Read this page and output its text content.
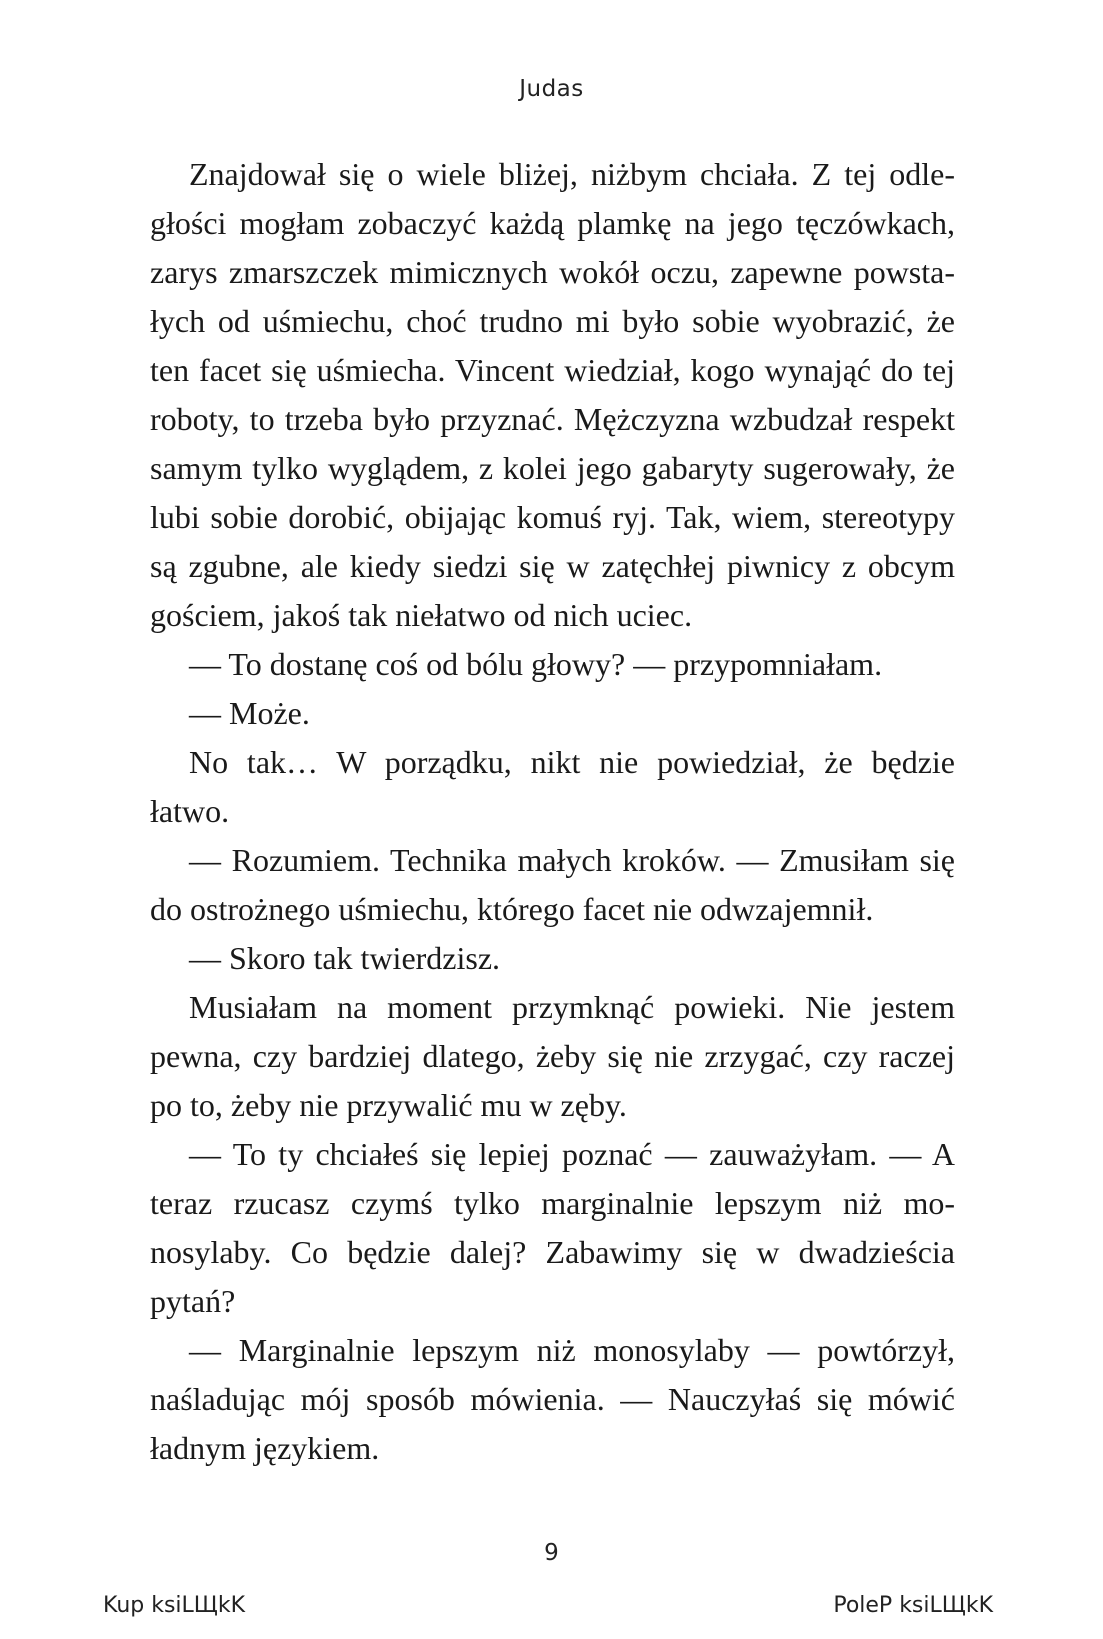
Judas

Znajdował się o wiele bliżej, niżbym chciała. Z tej odległości mogłam zobaczyć każdą plamkę na jego tęczówkach, zarys zmarszczek mimicznych wokół oczu, zapewne powstałych od uśmiechu, choć trudno mi było sobie wyobrazić, że ten facet się uśmiecha. Vincent wiedział, kogo wynająć do tej roboty, to trzeba było przyznać. Mężczyzna wzbudzał respekt samym tylko wyglądem, z kolei jego gabaryty sugerowały, że lubi sobie dorobić, obijając komuś ryj. Tak, wiem, stereotypy są zgubne, ale kiedy siedzi się w zatęchłej piwnicy z obcym gościem, jakoś tak niełatwo od nich uciec.

— To dostanę coś od bólu głowy? — przypomniałam.

— Może.

No tak… W porządku, nikt nie powiedział, że będzie łatwo.

— Rozumiem. Technika małych kroków. — Zmusiłam się do ostrożnego uśmiechu, którego facet nie odwzajemnił.

— Skoro tak twierdzisz.

Musiałam na moment przymknąć powieki. Nie jestem pewna, czy bardziej dlatego, żeby się nie zrzygać, czy raczej po to, żeby nie przywalić mu w zęby.

— To ty chciałeś się lepiej poznać — zauważyłam. — A teraz rzucasz czymś tylko marginalnie lepszym niż monosylaby. Co będzie dalej? Zabawimy się w dwadzieścia pytań?

— Marginalnie lepszym niż monosylaby — powtórzył, naśladując mój sposób mówienia. — Nauczyłaś się mówić ładnym językiem.

9
Kup ksiLЩkK	PoleP ksiLЩkK
